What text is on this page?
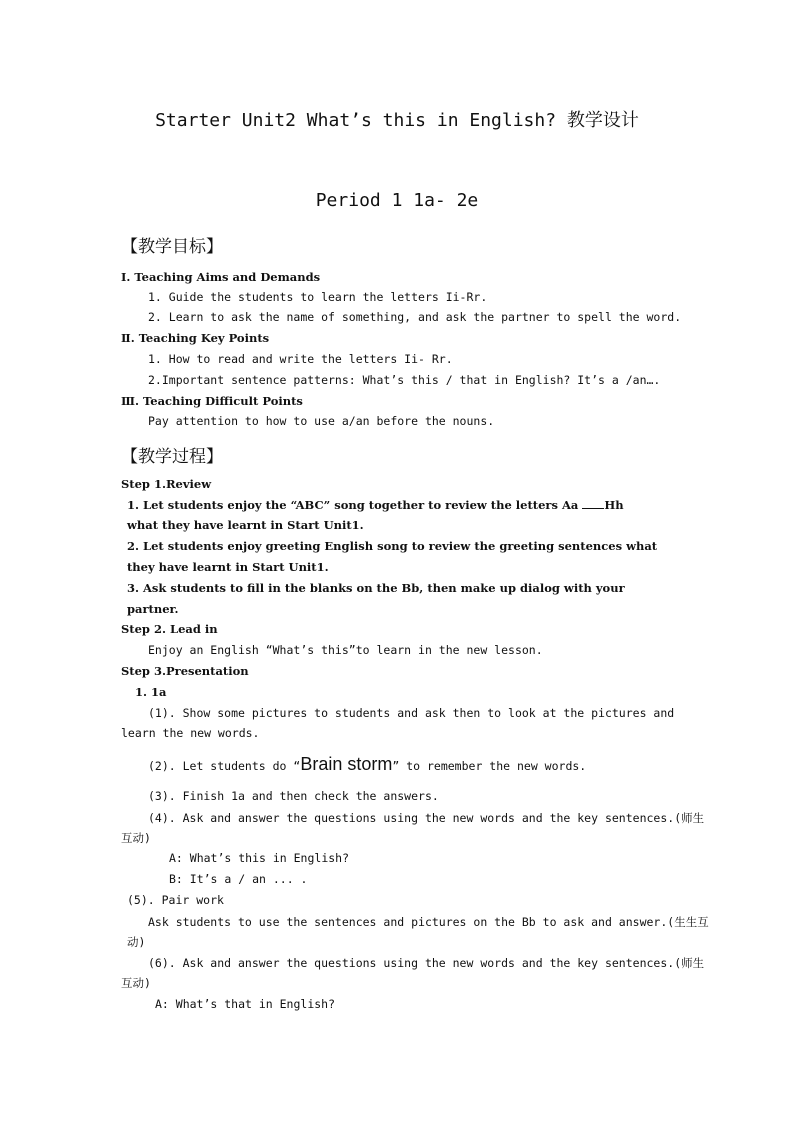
Starter Unit2 What’s this in English? 教学设计
Period 1 1a- 2e
【教学目标】
Ⅰ. Teaching Aims and Demands
1. Guide the students to learn the letters Ii-Rr.
2. Learn to ask the name of something, and ask the partner to spell the word.
Ⅱ. Teaching Key Points
1. How to read and write the letters Ii- Rr.
2.Important sentence patterns: What’s this / that in English? It’s a /an….
Ⅲ. Teaching Difficult Points
Pay attention to how to use a/an before the nouns.
【教学过程】
Step 1.Review
1. Let students enjoy the “ABC” song together to review the letters Aa Hh
what they have learnt in Start Unit1.
2. Let students enjoy greeting English song to review the greeting sentences what
they have learnt in Start Unit1.
3. Ask students to fill in the blanks on the Bb, then make up dialog with your
partner.
Step 2. Lead in
Enjoy an English “What’s this”to learn in the new lesson.
Step 3.Presentation
1. 1a
(1). Show some pictures to students and ask then to look at the pictures and
learn the new words.
(2). Let students do “Brain storm” to remember the new words.
(3). Finish 1a and then check the answers.
(4). Ask and answer the questions using the new words and the key sentences.(师生
互动)
A: What’s this in English?
B: It’s a / an ... .
(5). Pair work
Ask students to use the sentences and pictures on the Bb to ask and answer.(生生互
动)
(6). Ask and answer the questions using the new words and the key sentences.(师生
互动)
A: What’s that in English?
